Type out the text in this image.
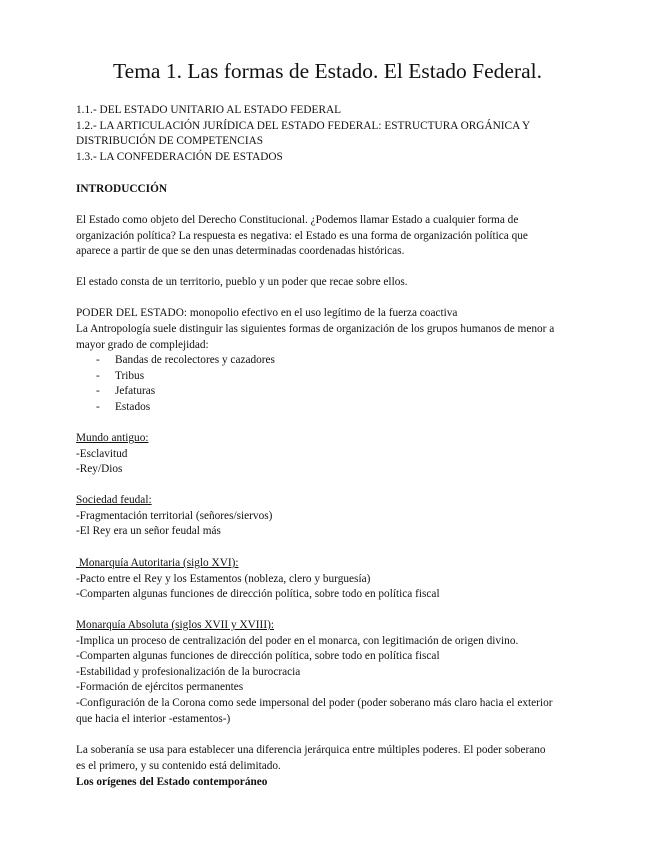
Tema 1. Las formas de Estado. El Estado Federal.
1.1.- DEL ESTADO UNITARIO AL ESTADO FEDERAL
1.2.- LA ARTICULACIÓN JURÍDICA DEL ESTADO FEDERAL: ESTRUCTURA ORGÁNICA Y
DISTRIBUCIÓN DE COMPETENCIAS
1.3.- LA CONFEDERACIÓN DE ESTADOS
INTRODUCCIÓN
El Estado como objeto del Derecho Constitucional. ¿Podemos llamar Estado a cualquier forma de
organización política? La respuesta es negativa: el Estado es una forma de organización política que
aparece a partir de que se den unas determinadas coordenadas históricas.
El estado consta de un territorio, pueblo y un poder que recae sobre ellos.
PODER DEL ESTADO: monopolio efectivo en el uso legítimo de la fuerza coactiva
La Antropología suele distinguir las siguientes formas de organización de los grupos humanos de menor a
mayor grado de complejidad:
- Bandas de recolectores y cazadores
- Tribus
- Jefaturas
- Estados
Mundo antiguo:
-Esclavitud
-Rey/Dios
Sociedad feudal:
-Fragmentación territorial (señores/siervos)
-El Rey era un señor feudal más
Monarquía Autoritaria (siglo XVI):
-Pacto entre el Rey y los Estamentos (nobleza, clero y burguesía)
-Comparten algunas funciones de dirección política, sobre todo en política fiscal
Monarquía Absoluta (siglos XVII y XVIII):
-Implica un proceso de centralización del poder en el monarca, con legitimación de origen divino.
-Comparten algunas funciones de dirección política, sobre todo en política fiscal
-Estabilidad y profesionalización de la burocracia
-Formación de ejércitos permanentes
-Configuración de la Corona como sede impersonal del poder (poder soberano más claro hacia el exterior
que hacia el interior -estamentos-)
La soberanía se usa para establecer una diferencia jerárquica entre múltiples poderes. El poder soberano
es el primero, y su contenido está delimitado.
Los orígenes del Estado contemporáneo
